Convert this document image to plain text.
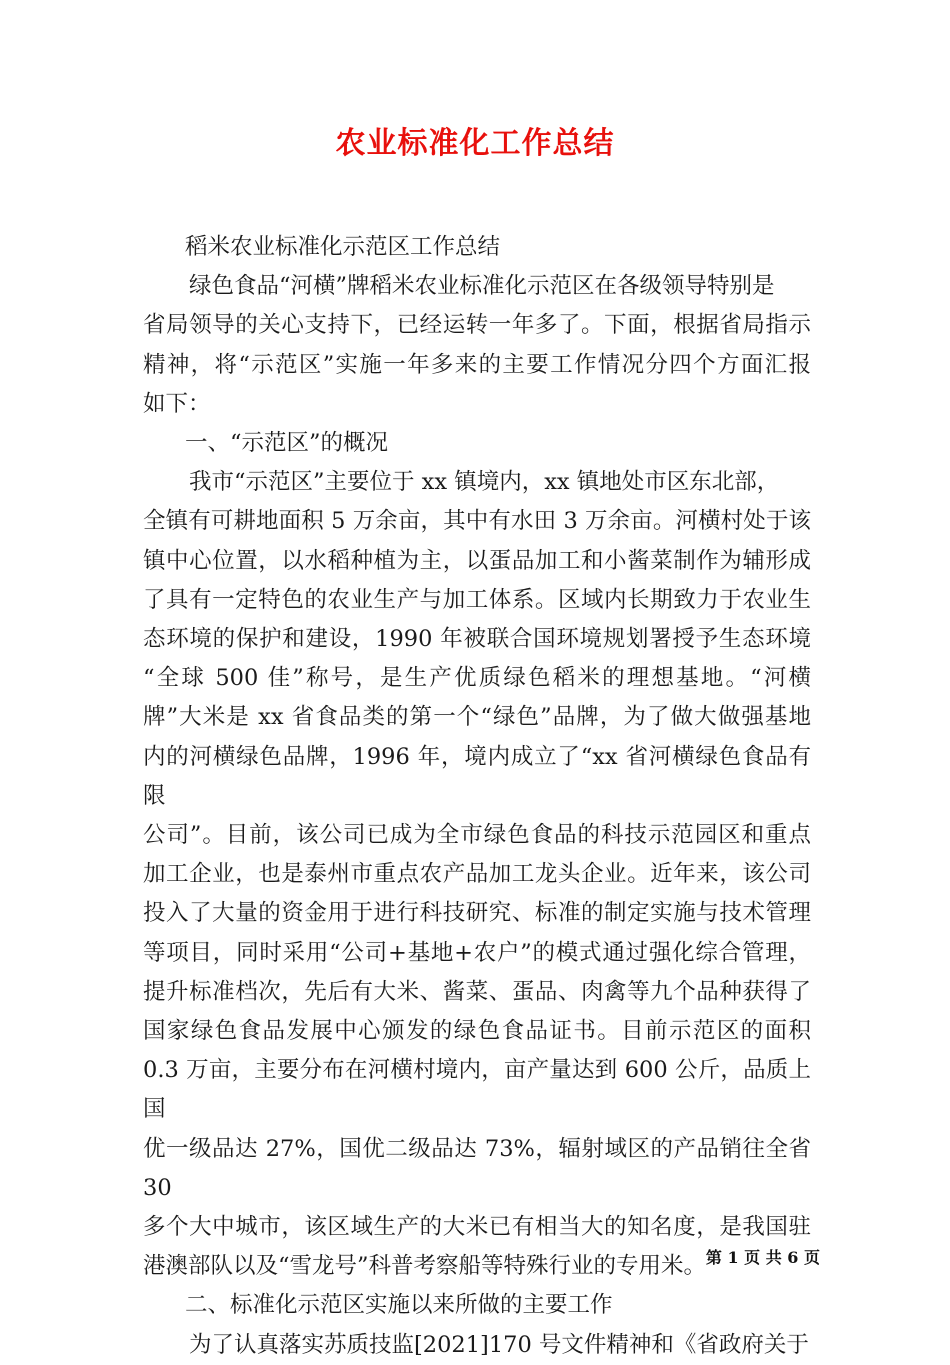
农业标准化工作总结
稻米农业标准化示范区工作总结
绿色食品“河横”牌稻米农业标准化示范区在各级领导特别是
省局领导的关心支持下，已经运转一年多了。下面，根据省局指示
精神，将“示范区”实施一年多来的主要工作情况分四个方面汇报
如下：
一、“示范区”的概况
我市“示范区”主要位于 xx 镇境内，xx 镇地处市区东北部，
全镇有可耕地面积 5 万余亩，其中有水田 3 万余亩。河横村处于该
镇中心位置，以水稻种植为主，以蛋品加工和小酱菜制作为辅形成
了具有一定特色的农业生产与加工体系。区域内长期致力于农业生
态环境的保护和建设，1990 年被联合国环境规划署授予生态环境
“全球 500 佳”称号，是生产优质绿色稻米的理想基地。“河横
牌”大米是 xx 省食品类的第一个“绿色”品牌，为了做大做强基地
内的河横绿色品牌，1996 年，境内成立了“xx 省河横绿色食品有限
公司”。目前，该公司已成为全市绿色食品的科技示范园区和重点
加工企业，也是泰州市重点农产品加工龙头企业。近年来，该公司
投入了大量的资金用于进行科技研究、标准的制定实施与技术管理
等项目，同时采用“公司+基地+农户”的模式通过强化综合管理，
提升标准档次，先后有大米、酱菜、蛋品、肉禽等九个品种获得了
国家绿色食品发展中心颁发的绿色食品证书。目前示范区的面积
0.3 万亩，主要分布在河横村境内，亩产量达到 600 公斤，品质上国
优一级品达 27%，国优二级品达 73%，辐射域区的产品销往全省 30
多个大中城市，该区域生产的大米已有相当大的知名度，是我国驻
港澳部队以及“雪龙号”科普考察船等特殊行业的专用米。
二、标准化示范区实施以来所做的主要工作
为了认真落实苏质技监[2021]170 号文件精神和《省政府关于
第 1 页 共 6 页
